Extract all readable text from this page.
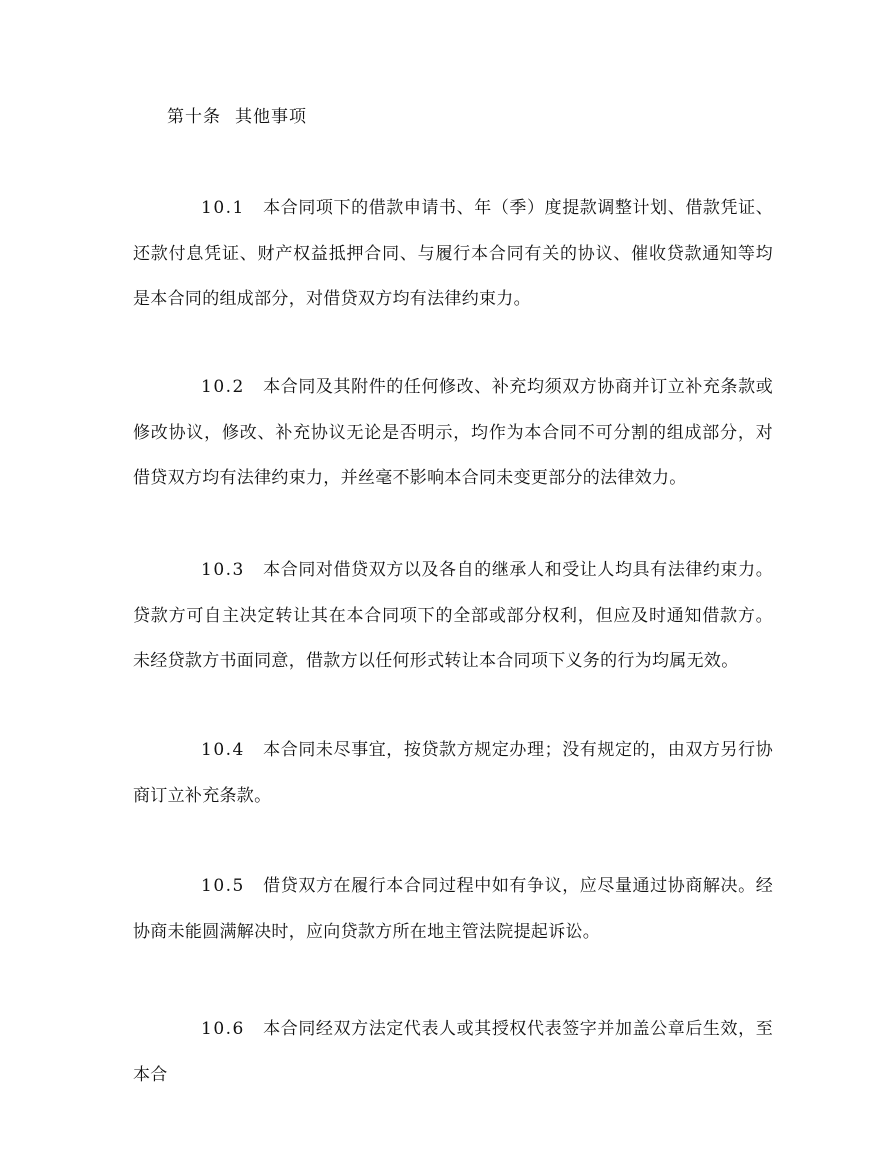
第十条 其他事项

10.1 本合同项下的借款申请书、年（季）度提款调整计划、借款凭证、还款付息凭证、财产权益抵押合同、与履行本合同有关的协议、催收贷款通知等均是本合同的组成部分，对借贷双方均有法律约束力。

10.2 本合同及其附件的任何修改、补充均须双方协商并订立补充条款或修改协议，修改、补充协议无论是否明示，均作为本合同不可分割的组成部分，对借贷双方均有法律约束力，并丝毫不影响本合同未变更部分的法律效力。

10.3 本合同对借贷双方以及各自的继承人和受让人均具有法律约束力。贷款方可自主决定转让其在本合同项下的全部或部分权利，但应及时通知借款方。未经贷款方书面同意，借款方以任何形式转让本合同项下义务的行为均属无效。

10.4 本合同未尽事宜，按贷款方规定办理；没有规定的，由双方另行协商订立补充条款。

10.5 借贷双方在履行本合同过程中如有争议，应尽量通过协商解决。经协商未能圆满解决时，应向贷款方所在地主管法院提起诉讼。

10.6 本合同经双方法定代表人或其授权代表签字并加盖公章后生效，至本合
